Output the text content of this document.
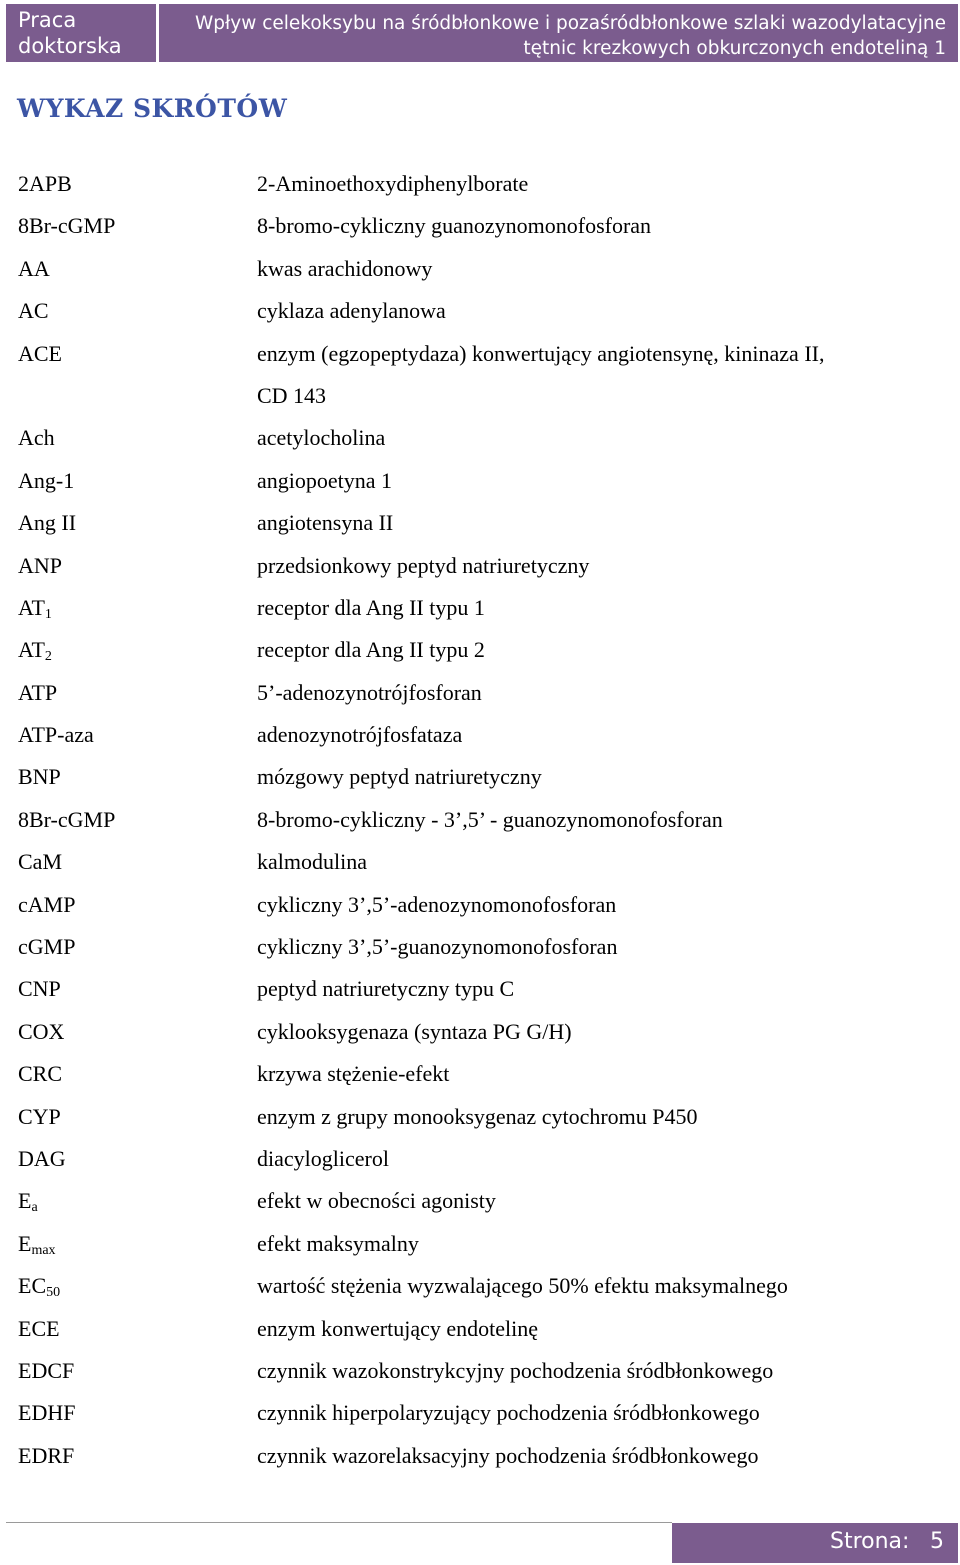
Praca doktorska
Wpływ celekoksybu na śródbłonkowe i pozaśródbłonkowe szlaki wazodylatacyjne tętnic krezkowych obkurczonych endoteliną 1
WYKAZ SKRÓTÓW
2APB	2-Aminoethoxydiphenylborate
8Br-cGMP	8-bromo-cykliczny guanozynomonofosforan
AA	kwas arachidonowy
AC	cyklaza adenylanowa
ACE	enzym (egzopeptydaza) konwertujący angiotensynę, kininaza II,
CD 143
Ach	acetylocholina
Ang-1	angiopoetyna 1
Ang II	angiotensyna II
ANP	przedsionkowy peptyd natriuretyczny
$AT_1$	receptor dla Ang II typu 1
$AT_2$	receptor dla Ang II typu 2
ATP	5’-adenozynotrójfosforan
ATP-aza	adenozynotrójfosfataza
BNP	mózgowy peptyd natriuretyczny
8Br-cGMP	8-bromo-cykliczny - 3’,5’ - guanozynomonofosforan
CaM	kalmodulina
cAMP	cykliczny 3’,5’-adenozynomonofosforan
cGMP	cykliczny 3’,5’-guanozynomonofosforan
CNP	peptyd natriuretyczny typu C
COX	cyklooksygenaza (syntaza PG G/H)
CRC	krzywa stężenie-efekt
CYP	enzym z grupy monooksygenaz cytochromu P450
DAG	diacyloglicerol
$E_a$	efekt w obecności agonisty
$E_{max}$	efekt maksymalny
$EC_{50}$	wartość stężenia wyzwalającego 50% efektu maksymalnego
ECE	enzym konwertujący endotelinę
EDCF	czynnik wazokonstrykcyjny pochodzenia śródbłonkowego
EDHF	czynnik hiperpolaryzujący pochodzenia śródbłonkowego
EDRF	czynnik wazorelaksacyjny pochodzenia śródbłonkowego
Strona: 5
